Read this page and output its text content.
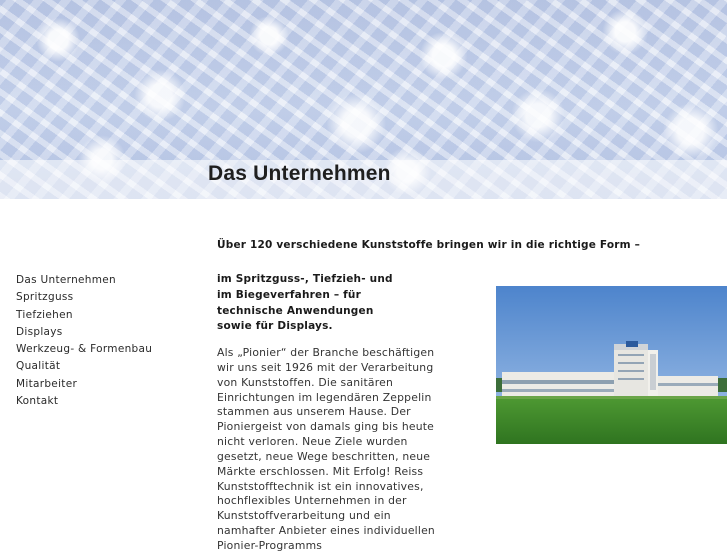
Das Unternehmen
Das Unternehmen
Spritzguss
Tiefziehen
Displays
Werkzeug- & Formenbau
Qualität
Mitarbeiter
Kontakt
Über 120 verschiedene Kunststoffe bringen wir in die richtige Form –
im Spritzguss-, Tiefzieh- und
im Biegeverfahren – für
technische Anwendungen
sowie für Displays.
Als „Pionier“ der Branche beschäftigen
wir uns seit 1926 mit der Verarbeitung
von Kunststoffen. Die sanitären
Einrichtungen im legendären Zeppelin
stammen aus unserem Hause. Der
Pioniergeist von damals ging bis heute
nicht verloren. Neue Ziele wurden
gesetzt, neue Wege beschritten, neue
Märkte erschlossen. Mit Erfolg! Reiss
Kunststofftechnik ist ein innovatives,
hochflexibles Unternehmen in der
Kunststoffverarbeitung und ein
namhafter Anbieter eines individuellen
Pionier-Programms
